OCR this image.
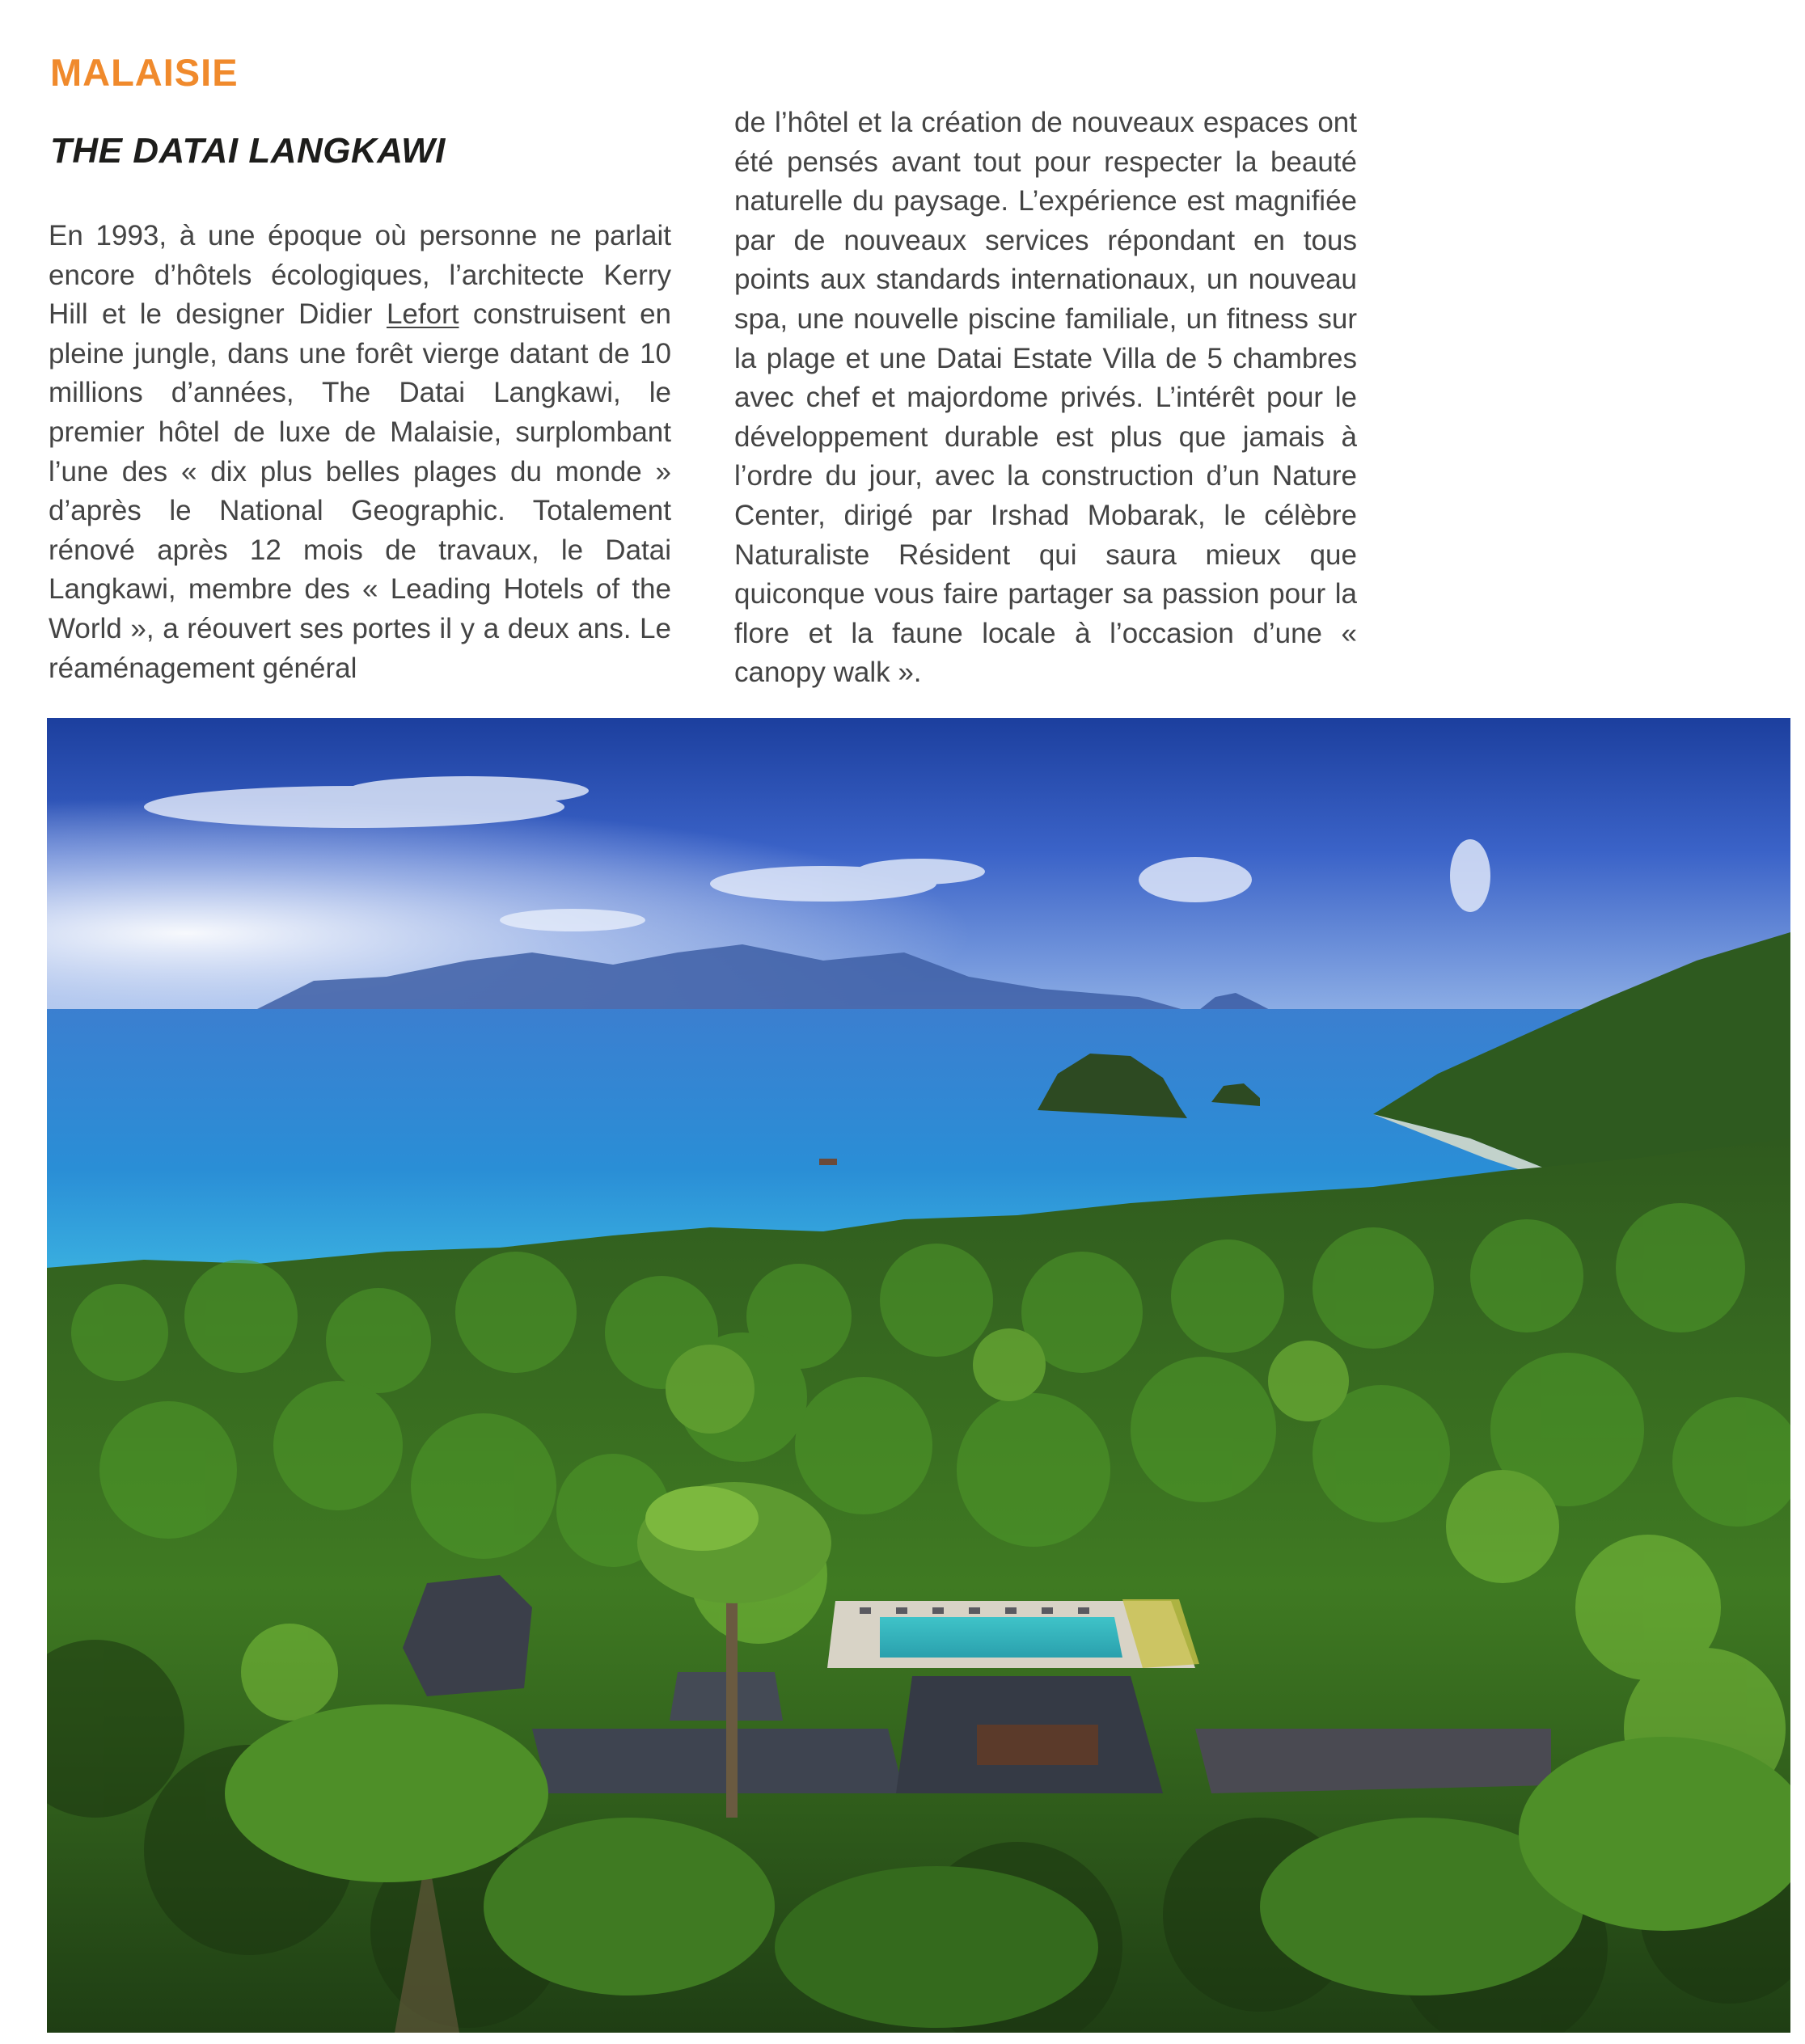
MALAISIE
THE DATAI LANGKAWI

En 1993, à une époque où personne ne parlait encore d’hôtels écologiques, l’architecte Kerry Hill et le designer Didier Lefort construisent en pleine jungle, dans une forêt vierge datant de 10 millions d’années, The Datai Langkawi, le premier hôtel de luxe de Malaisie, surplombant l’une des « dix plus belles plages du monde » d’après le National Geographic. Totalement rénové après 12 mois de travaux, le Datai Langkawi, membre des « Leading Hotels of the World », a réouvert ses portes il y a deux ans. Le réaménagement général

de l’hôtel et la création de nouveaux espaces ont été pensés avant tout pour respecter la beauté naturelle du paysage. L’expérience est magnifiée par de nouveaux services répondant en tous points aux standards internationaux, un nouveau spa, une nouvelle piscine familiale, un fitness sur la plage et une Datai Estate Villa de 5 chambres avec chef et majordome privés. L’intérêt pour le développement durable est plus que jamais à l’ordre du jour, avec la construction d’un Nature Center, dirigé par Irshad Mobarak, le célèbre Naturaliste Résident qui saura mieux que quiconque vous faire partager sa passion pour la flore et la faune locale à l’occasion d’une « canopy walk ».
